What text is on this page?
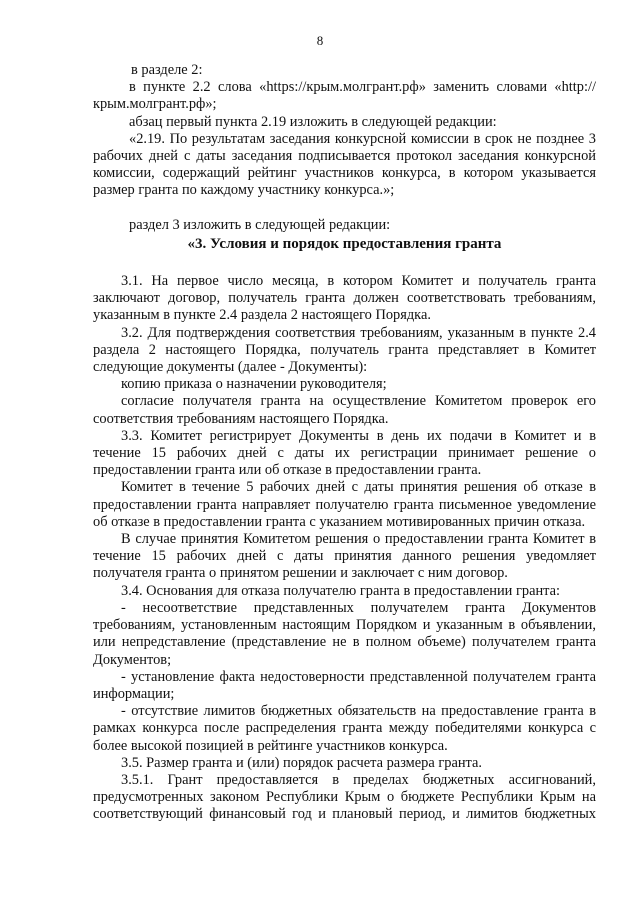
8

в разделе 2:

в пункте 2.2 слова «https://крым.молгрант.рф» заменить словами «http://крым.молгрант.рф»;

абзац первый пункта 2.19 изложить в следующей редакции:

«2.19. По результатам заседания конкурсной комиссии в срок не позднее 3 рабочих дней с даты заседания подписывается протокол заседания конкурсной комиссии, содержащий рейтинг участников конкурса, в котором указывается размер гранта по каждому участнику конкурса.»;

раздел 3 изложить в следующей редакции:

«3. Условия и порядок предоставления гранта

3.1. На первое число месяца, в котором Комитет и получатель гранта заключают договор, получатель гранта должен соответствовать требованиям, указанным в пункте 2.4 раздела 2 настоящего Порядка.

3.2. Для подтверждения соответствия требованиям, указанным в пункте 2.4 раздела 2 настоящего Порядка, получатель гранта представляет в Комитет следующие документы (далее - Документы):

копию приказа о назначении руководителя;

согласие получателя гранта на осуществление Комитетом проверок его соответствия требованиям настоящего Порядка.

3.3. Комитет регистрирует Документы в день их подачи в Комитет и в течение 15 рабочих дней с даты их регистрации принимает решение о предоставлении гранта или об отказе в предоставлении гранта.

Комитет в течение 5 рабочих дней с даты принятия решения об отказе в предоставлении гранта направляет получателю гранта письменное уведомление об отказе в предоставлении гранта с указанием мотивированных причин отказа.

В случае принятия Комитетом решения о предоставлении гранта Комитет в течение 15 рабочих дней с даты принятия данного решения уведомляет получателя гранта о принятом решении и заключает с ним договор.

3.4. Основания для отказа получателю гранта в предоставлении гранта:

- несоответствие представленных получателем гранта Документов требованиям, установленным настоящим Порядком и указанным в объявлении, или непредставление (представление не в полном объеме) получателем гранта Документов;

- установление факта недостоверности представленной получателем гранта информации;

- отсутствие лимитов бюджетных обязательств на предоставление гранта в рамках конкурса после распределения гранта между победителями конкурса с более высокой позицией в рейтинге участников конкурса.

3.5. Размер гранта и (или) порядок расчета размера гранта.

3.5.1. Грант предоставляется в пределах бюджетных ассигнований, предусмотренных законом Республики Крым о бюджете Республики Крым на соответствующий финансовый год и плановый период, и лимитов бюджетных
